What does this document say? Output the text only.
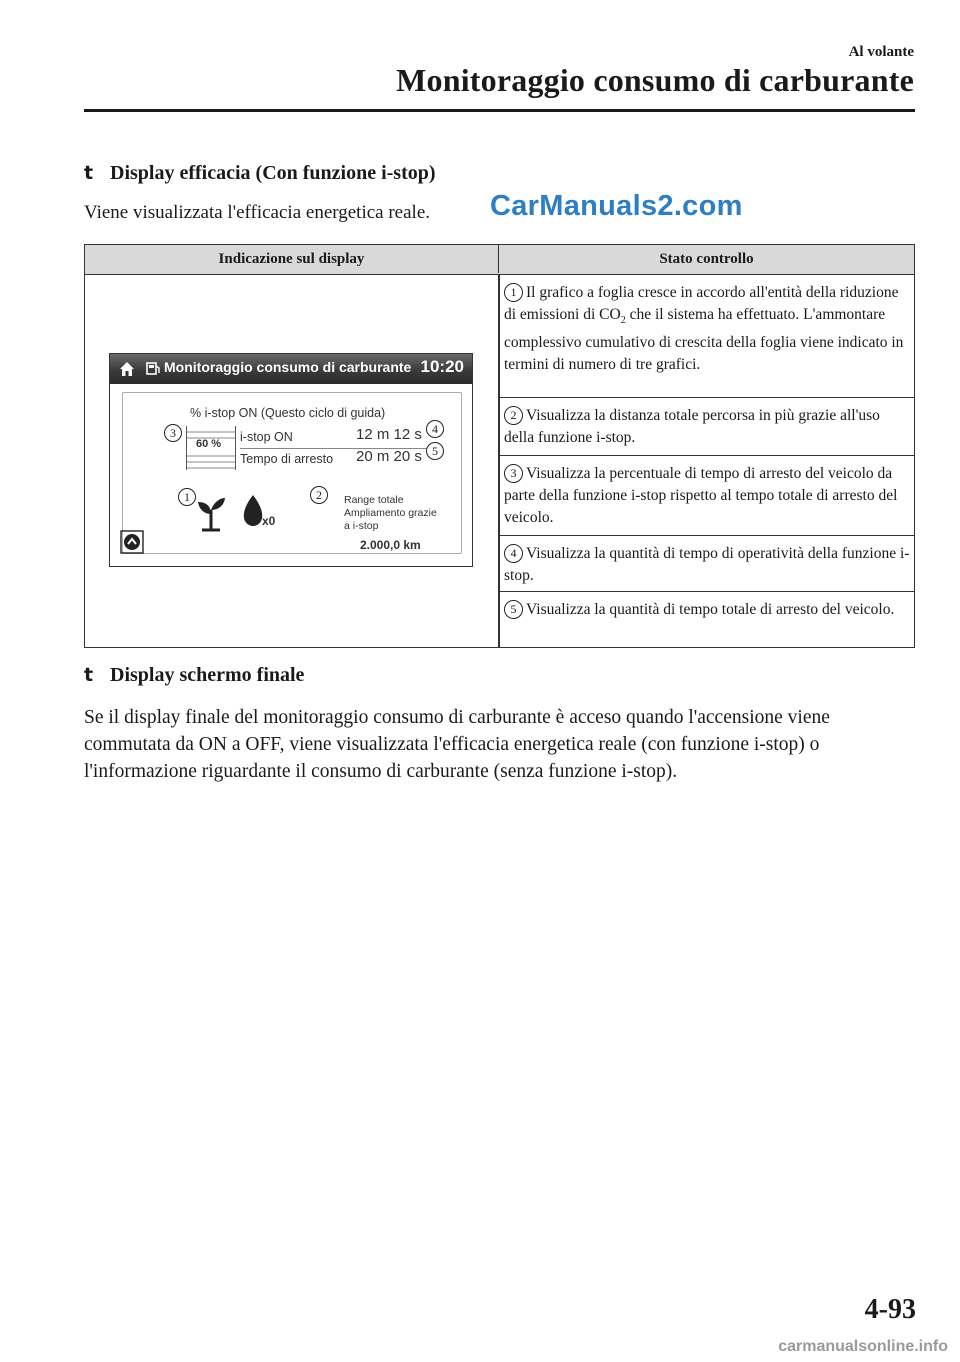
Al volante
Monitoraggio consumo di carburante
t Display efficacia (Con funzione i-stop)
Viene visualizzata l'efficacia energetica reale. CarManuals2.com
Indicazione sul display	Stato controllo
Monitoraggio consumo di carburante 10:20
% i-stop ON (Questo ciclo di guida)
60 % i-stop ON	12 m 12 s
Tempo di arresto 20 m 20 s
x0
Range totale
Ampliamento grazie
a i-stop
2.000,0 km
3	4
5
1	2
1 Il grafico a foglia cresce in accordo all'entità della riduzione di emissioni di $CO_2$ che il sistema ha effettuato. L'ammontare complessivo cumulativo di crescita della foglia viene indicato in termini di numero di tre grafici.
2 Visualizza la distanza totale percorsa in più grazie all'uso della funzione i-stop.
3 Visualizza la percentuale di tempo di arresto del veicolo da parte della funzione i-stop rispetto al tempo totale di arresto del veicolo.
4 Visualizza la quantità di tempo di operatività della funzione i-stop.
5 Visualizza la quantità di tempo totale di arresto del veicolo.
t Display schermo finale
Se il display finale del monitoraggio consumo di carburante è acceso quando l'accensione viene commutata da ON a OFF, viene visualizzata l'efficacia energetica reale (con funzione i-stop) o l'informazione riguardante il consumo di carburante (senza funzione i-stop).
4-93
carmanualsonline.info
